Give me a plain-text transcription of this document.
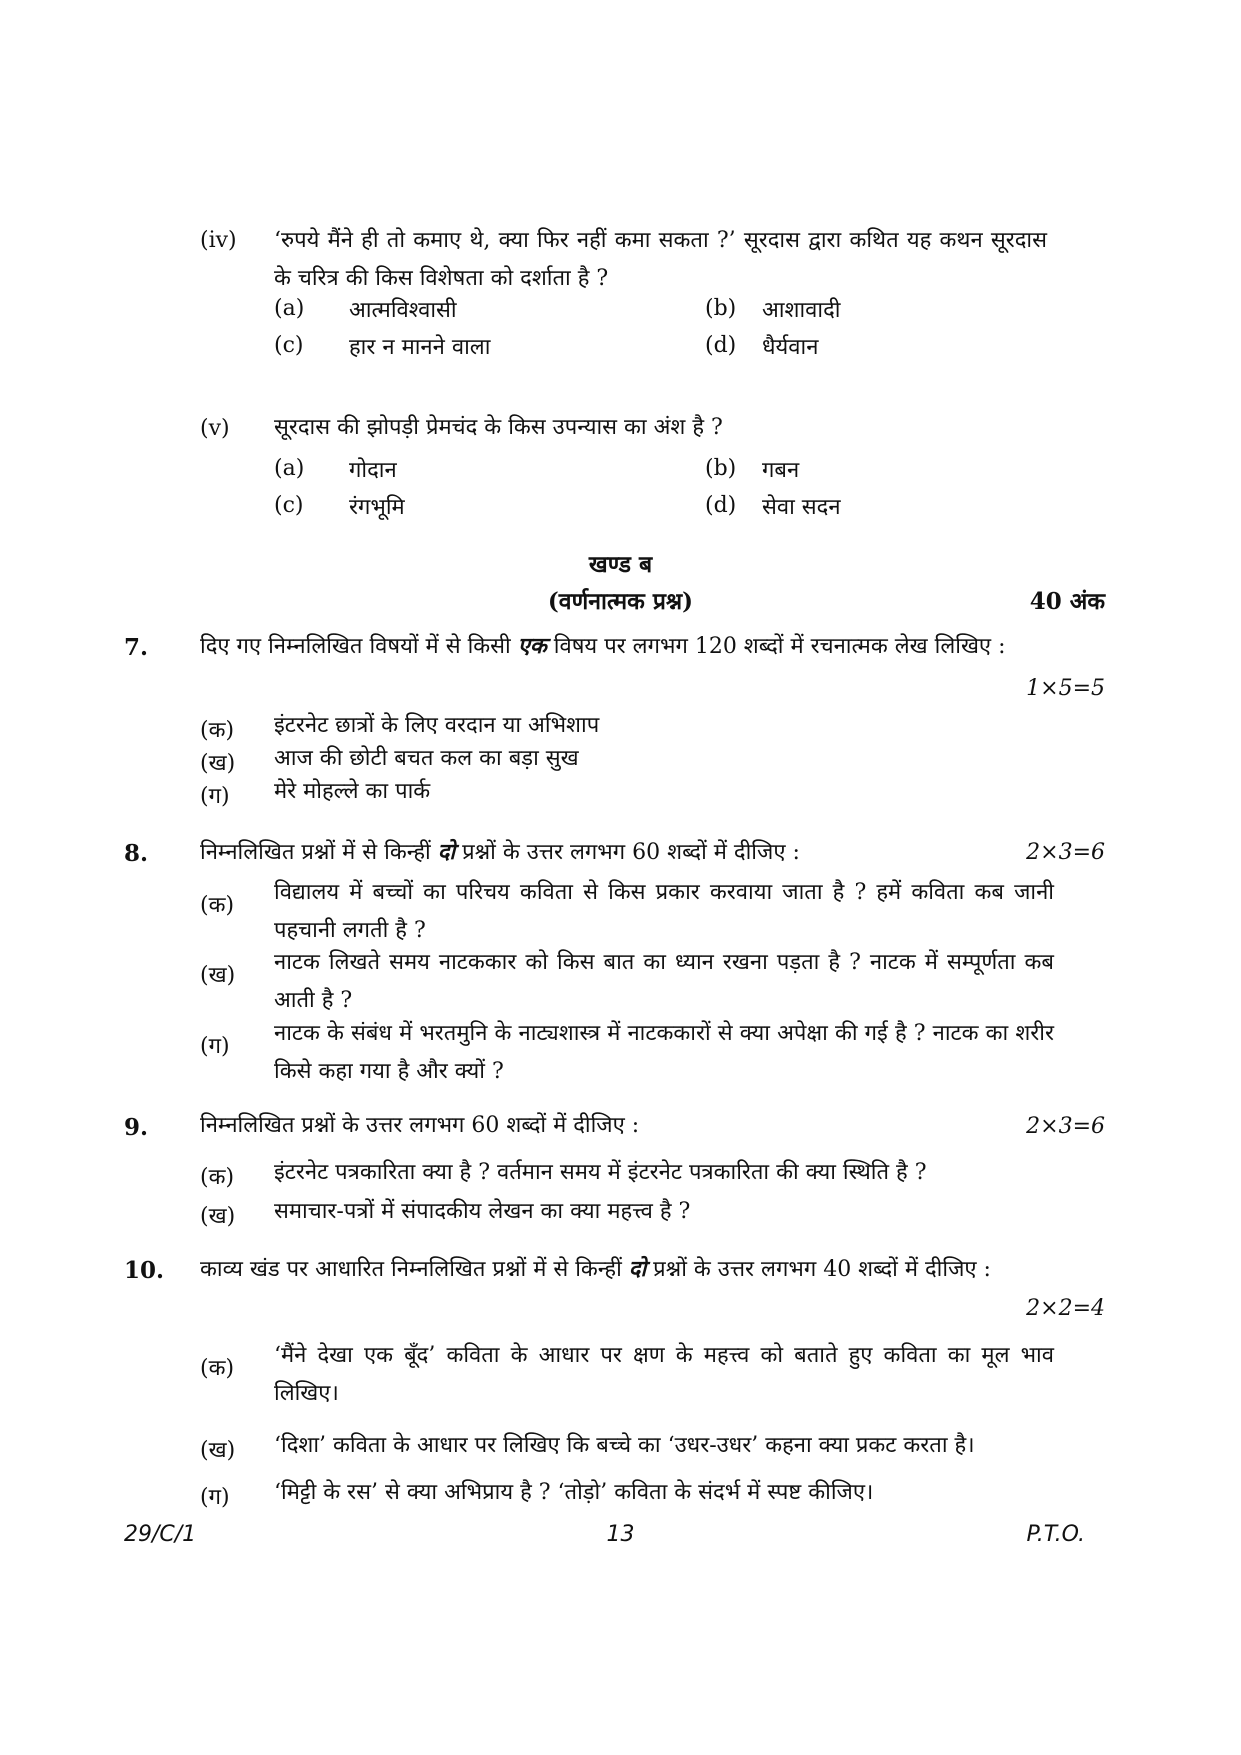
(iv) ‘रुपये मैंने ही तो कमाए थे, क्या फिर नहीं कमा सकता ?’ सूरदास द्वारा कथित यह कथन सूरदास के चरित्र की किस विशेषता को दर्शाता है ?
(a) आत्मविश्वासी	(b) आशावादी
(c) हार न मानने वाला	(d) धैर्यवान
(v) सूरदास की झोपड़ी प्रेमचंद के किस उपन्यास का अंश है ?
(a) गोदान	(b) गबन
(c) रंगभूमि	(d) सेवा सदन
खण्ड ब
(वर्णनात्मक प्रश्न)	40 अंक
7. दिए गए निम्नलिखित विषयों में से किसी एक विषय पर लगभग 120 शब्दों में रचनात्मक लेख लिखिए :
1×5=5
(क) इंटरनेट छात्रों के लिए वरदान या अभिशाप
(ख) आज की छोटी बचत कल का बड़ा सुख
(ग) मेरे मोहल्ले का पार्क
8. निम्नलिखित प्रश्नों में से किन्हीं दो प्रश्नों के उत्तर लगभग 60 शब्दों में दीजिए :	2×3=6
(क)
विद्यालय में बच्चों का परिचय कविता से किस प्रकार करवाया जाता है ? हमें कविता कब जानी पहचानी लगती है ?
(ख)
नाटक लिखते समय नाटककार को किस बात का ध्यान रखना पड़ता है ? नाटक में सम्पूर्णता कब आती है ?
(ग)
नाटक के संबंध में भरतमुनि के नाट्यशास्त्र में नाटककारों से क्या अपेक्षा की गई है ? नाटक का शरीर किसे कहा गया है और क्यों ?
9. निम्नलिखित प्रश्नों के उत्तर लगभग 60 शब्दों में दीजिए :	2×3=6
(क) इंटरनेट पत्रकारिता क्या है ? वर्तमान समय में इंटरनेट पत्रकारिता की क्या स्थिति है ?
(ख) समाचार-पत्रों में संपादकीय लेखन का क्या महत्त्व है ?
10. काव्य खंड पर आधारित निम्नलिखित प्रश्नों में से किन्हीं दो प्रश्नों के उत्तर लगभग 40 शब्दों में दीजिए :
2×2=4
(क)
‘मैंने देखा एक बूँद’ कविता के आधार पर क्षण के महत्त्व को बताते हुए कविता का मूल भाव लिखिए।
(ख) ‘दिशा’ कविता के आधार पर लिखिए कि बच्चे का ‘उधर-उधर’ कहना क्या प्रकट करता है।
(ग) ‘मिट्टी के रस’ से क्या अभिप्राय है ? ‘तोड़ो’ कविता के संदर्भ में स्पष्ट कीजिए।
29/C/1	13	P.T.O.
